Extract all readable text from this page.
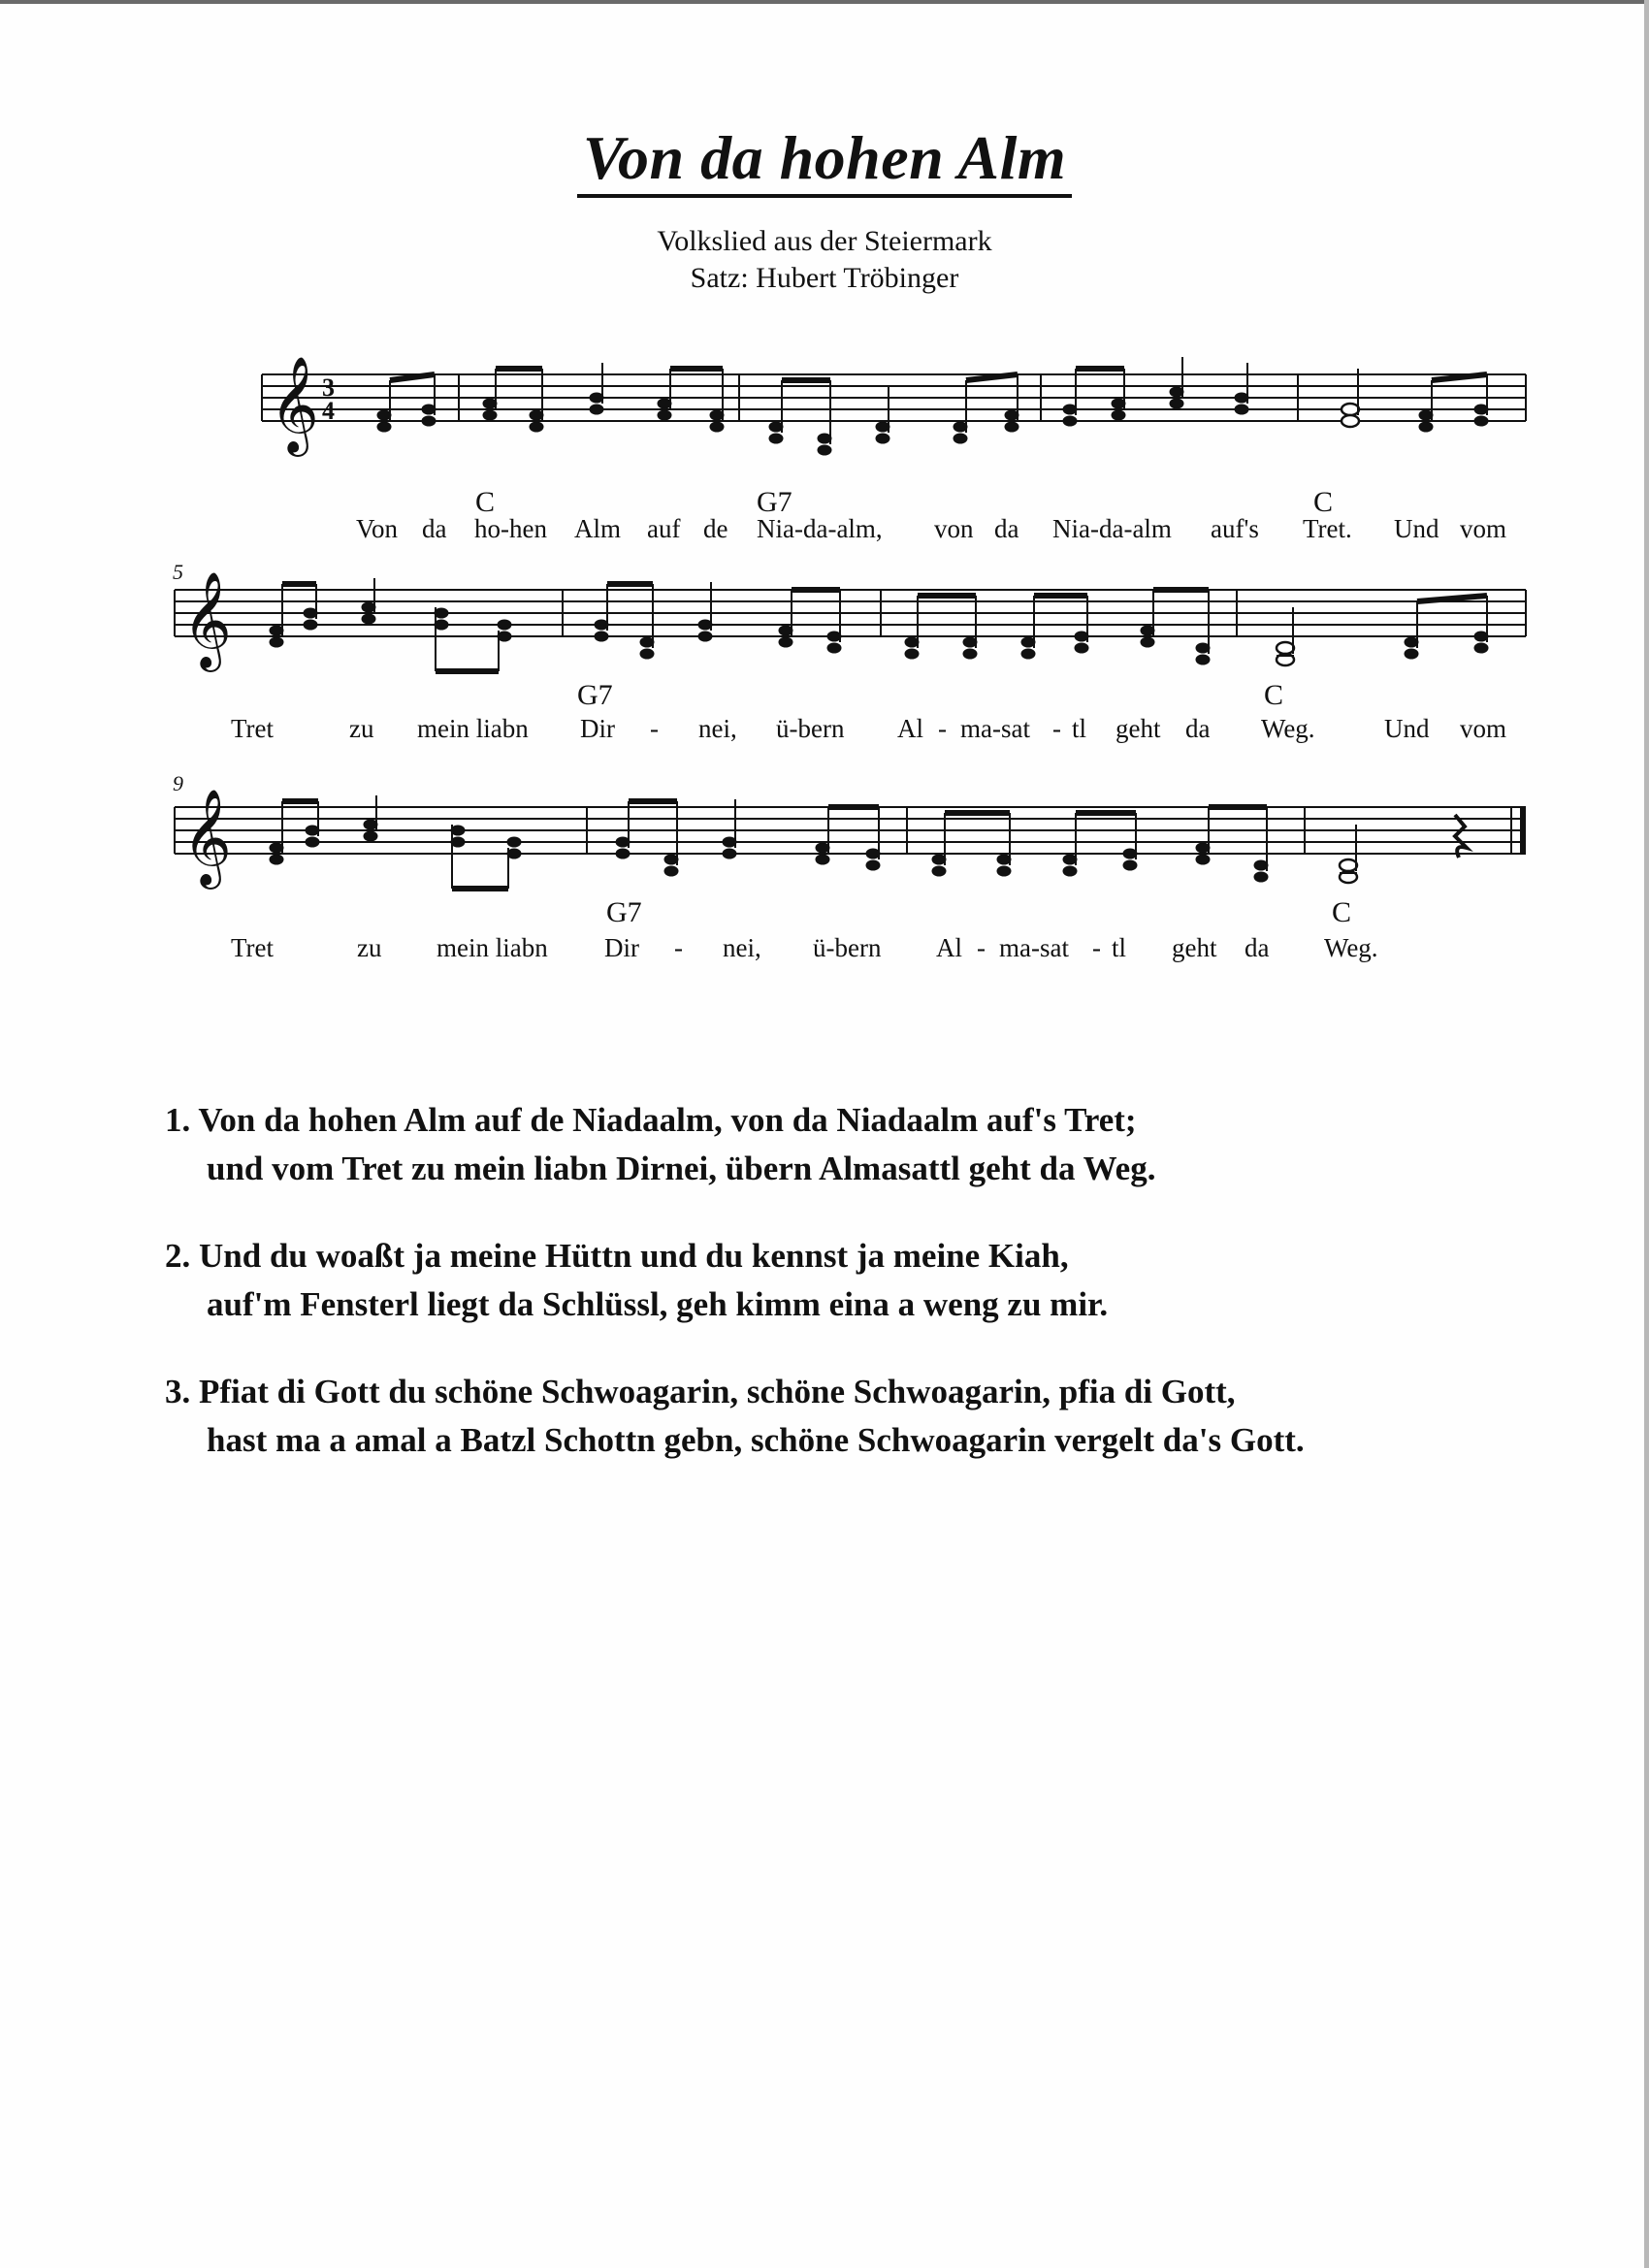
Von da hohen Alm
Volkslied aus der Steiermark
Satz: Hubert Tröbinger
𝄞 3
4
C	G7	C
Von da ho-hen Alm auf de Nia-da-alm, von da Nia-da-alm auf's Tret. Und vom
5
𝄞
G7	C
Tret	zu mein liabn Dir - nei, ü-bern Al - ma-sat - tl geht da Weg.	Und vom
9
𝄞
G7	C
Tret	zu mein liabn Dir - nei, ü-bern Al - ma-sat - tl geht da Weg.
1. Von da hohen Alm auf de Niadaalm, von da Niadaalm auf's Tret;
und vom Tret zu mein liabn Dirnei, übern Almasattl geht da Weg.
2. Und du woaßt ja meine Hüttn und du kennst ja meine Kiah,
auf'm Fensterl liegt da Schlüssl, geh kimm eina a weng zu mir.
3. Pfiat di Gott du schöne Schwoagarin, schöne Schwoagarin, pfia di Gott,
hast ma a amal a Batzl Schottn gebn, schöne Schwoagarin vergelt da's Gott.
